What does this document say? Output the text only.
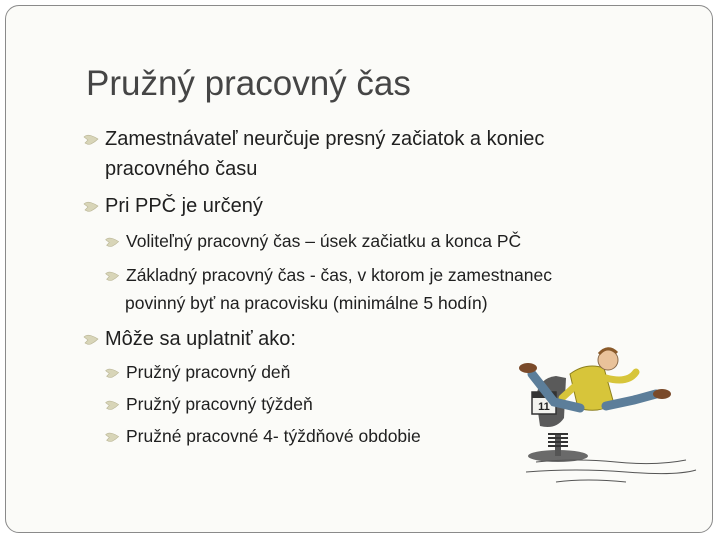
Pružný pracovný čas
Zamestnávateľ neurčuje presný začiatok a koniec
pracovného času
Pri PPČ je určený
Voliteľný pracovný čas – úsek začiatku a konca PČ
Základný pracovný čas - čas, v ktorom je zamestnanec
povinný byť na pracovisku (minimálne 5 hodín)
Môže sa uplatniť ako:
Pružný pracovný deň
Pružný pracovný týždeň
Pružné pracovné 4- týždňové obdobie
11
